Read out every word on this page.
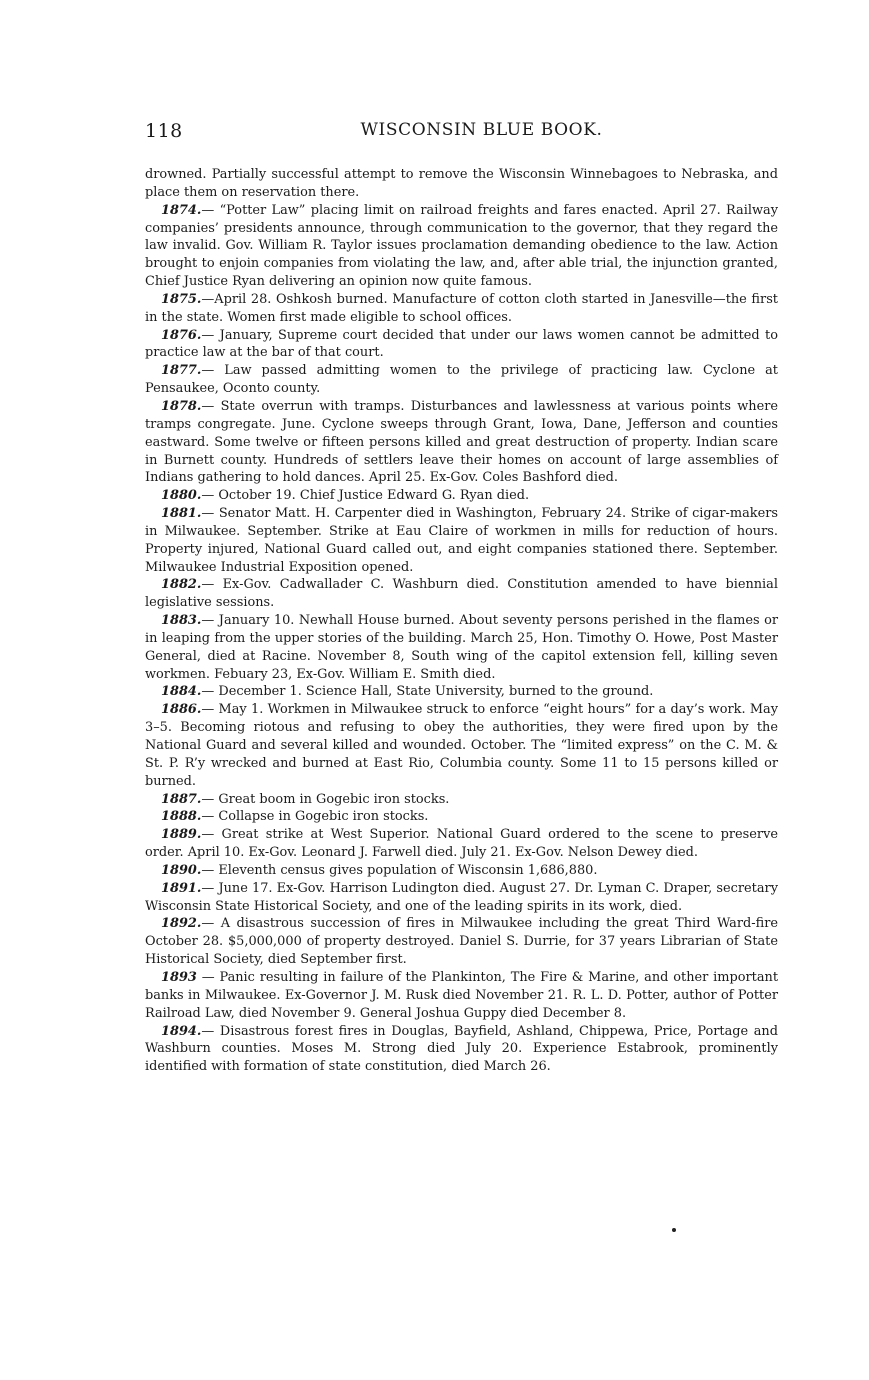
118	WISCONSIN BLUE BOOK.

drowned. Partially successful attempt to remove the Wisconsin Winnebagoes to Nebraska, and place them on reservation there.

1874.— “Potter Law” placing limit on railroad freights and fares enacted. April 27. Railway companies’ presidents announce, through communication to the governor, that they regard the law invalid. Gov. William R. Taylor issues proclamation demanding obedience to the law. Action brought to enjoin companies from violating the law, and, after able trial, the injunction granted, Chief Justice Ryan delivering an opinion now quite famous.

1875.—April 28. Oshkosh burned. Manufacture of cotton cloth started in Janesville—the first in the state. Women first made eligible to school offices.

1876.— January, Supreme court decided that under our laws women cannot be admitted to practice law at the bar of that court.

1877.— Law passed admitting women to the privilege of practicing law. Cyclone at Pensaukee, Oconto county.

1878.— State overrun with tramps. Disturbances and lawlessness at various points where tramps congregate. June. Cyclone sweeps through Grant, Iowa, Dane, Jefferson and counties eastward. Some twelve or fifteen persons killed and great destruction of property. Indian scare in Burnett county. Hundreds of settlers leave their homes on account of large assemblies of Indians gathering to hold dances. April 25. Ex-Gov. Coles Bashford died.

1880.— October 19. Chief Justice Edward G. Ryan died.

1881.— Senator Matt. H. Carpenter died in Washington, February 24. Strike of cigar-makers in Milwaukee. September. Strike at Eau Claire of workmen in mills for reduction of hours. Property injured, National Guard called out, and eight companies stationed there. September. Milwaukee Industrial Exposition opened.

1882.— Ex-Gov. Cadwallader C. Washburn died. Constitution amended to have biennial legislative sessions.

1883.— January 10. Newhall House burned. About seventy persons perished in the flames or in leaping from the upper stories of the building. March 25, Hon. Timothy O. Howe, Post Master General, died at Racine. November 8, South wing of the capitol extension fell, killing seven workmen. Febuary 23, Ex-Gov. William E. Smith died.

1884.— December 1. Science Hall, State University, burned to the ground.

1886.— May 1. Workmen in Milwaukee struck to enforce “eight hours” for a day’s work. May 3–5. Becoming riotous and refusing to obey the authorities, they were fired upon by the National Guard and several killed and wounded. October. The “limited express” on the C. M. & St. P. R’y wrecked and burned at East Rio, Columbia county. Some 11 to 15 persons killed or burned.

1887.— Great boom in Gogebic iron stocks.

1888.— Collapse in Gogebic iron stocks.

1889.— Great strike at West Superior. National Guard ordered to the scene to preserve order. April 10. Ex-Gov. Leonard J. Farwell died. July 21. Ex-Gov. Nelson Dewey died.

1890.— Eleventh census gives population of Wisconsin 1,686,880.

1891.— June 17. Ex-Gov. Harrison Ludington died. August 27. Dr. Lyman C. Draper, secretary Wisconsin State Historical Society, and one of the leading spirits in its work, died.

1892.— A disastrous succession of fires in Milwaukee including the great Third Ward-fire October 28. $5,000,000 of property destroyed. Daniel S. Durrie, for 37 years Librarian of State Historical Society, died September first.

1893 — Panic resulting in failure of the Plankinton, The Fire & Marine, and other important banks in Milwaukee. Ex-Governor J. M. Rusk died November 21. R. L. D. Potter, author of Potter Railroad Law, died November 9. General Joshua Guppy died December 8.

1894.— Disastrous forest fires in Douglas, Bayfield, Ashland, Chippewa, Price, Portage and Washburn counties. Moses M. Strong died July 20. Experience Estabrook, prominently identified with formation of state constitution, died March 26.
